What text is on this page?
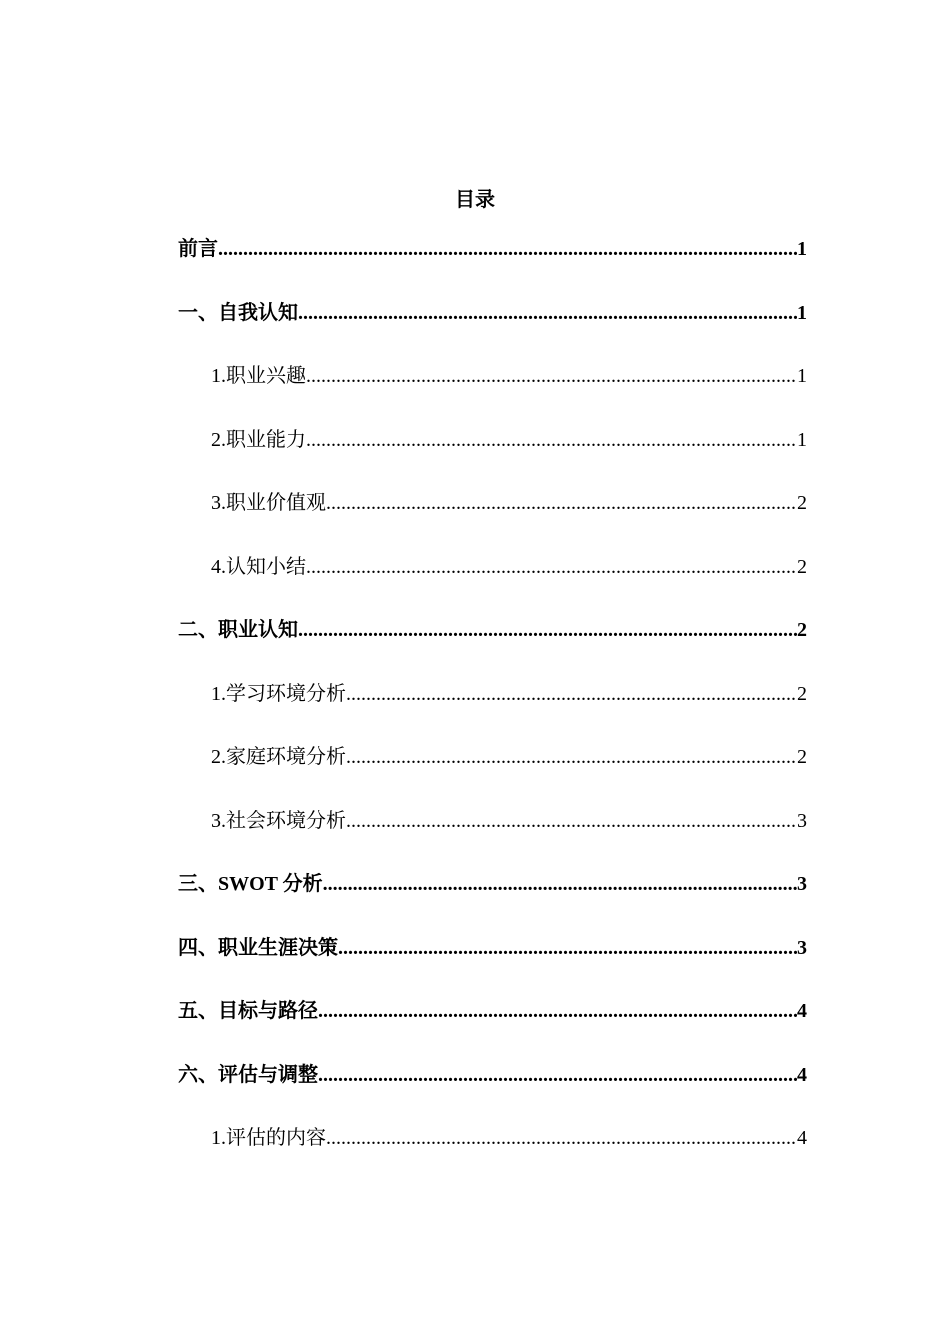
目录
前言 .....	1
一、自我认知 .....	1
1.职业兴趣 .....	1
2.职业能力 .....	1
3.职业价值观 .....	2
4.认知小结 .....	2
二、职业认知 .....	2
1.学习环境分析 .....	2
2.家庭环境分析 .....	2
3.社会环境分析 .....	3
三、SWOT 分析 .....	3
四、职业生涯决策 .....	3
五、目标与路径 .....	4
六、评估与调整 .....	4
1.评估的内容 .....	4
